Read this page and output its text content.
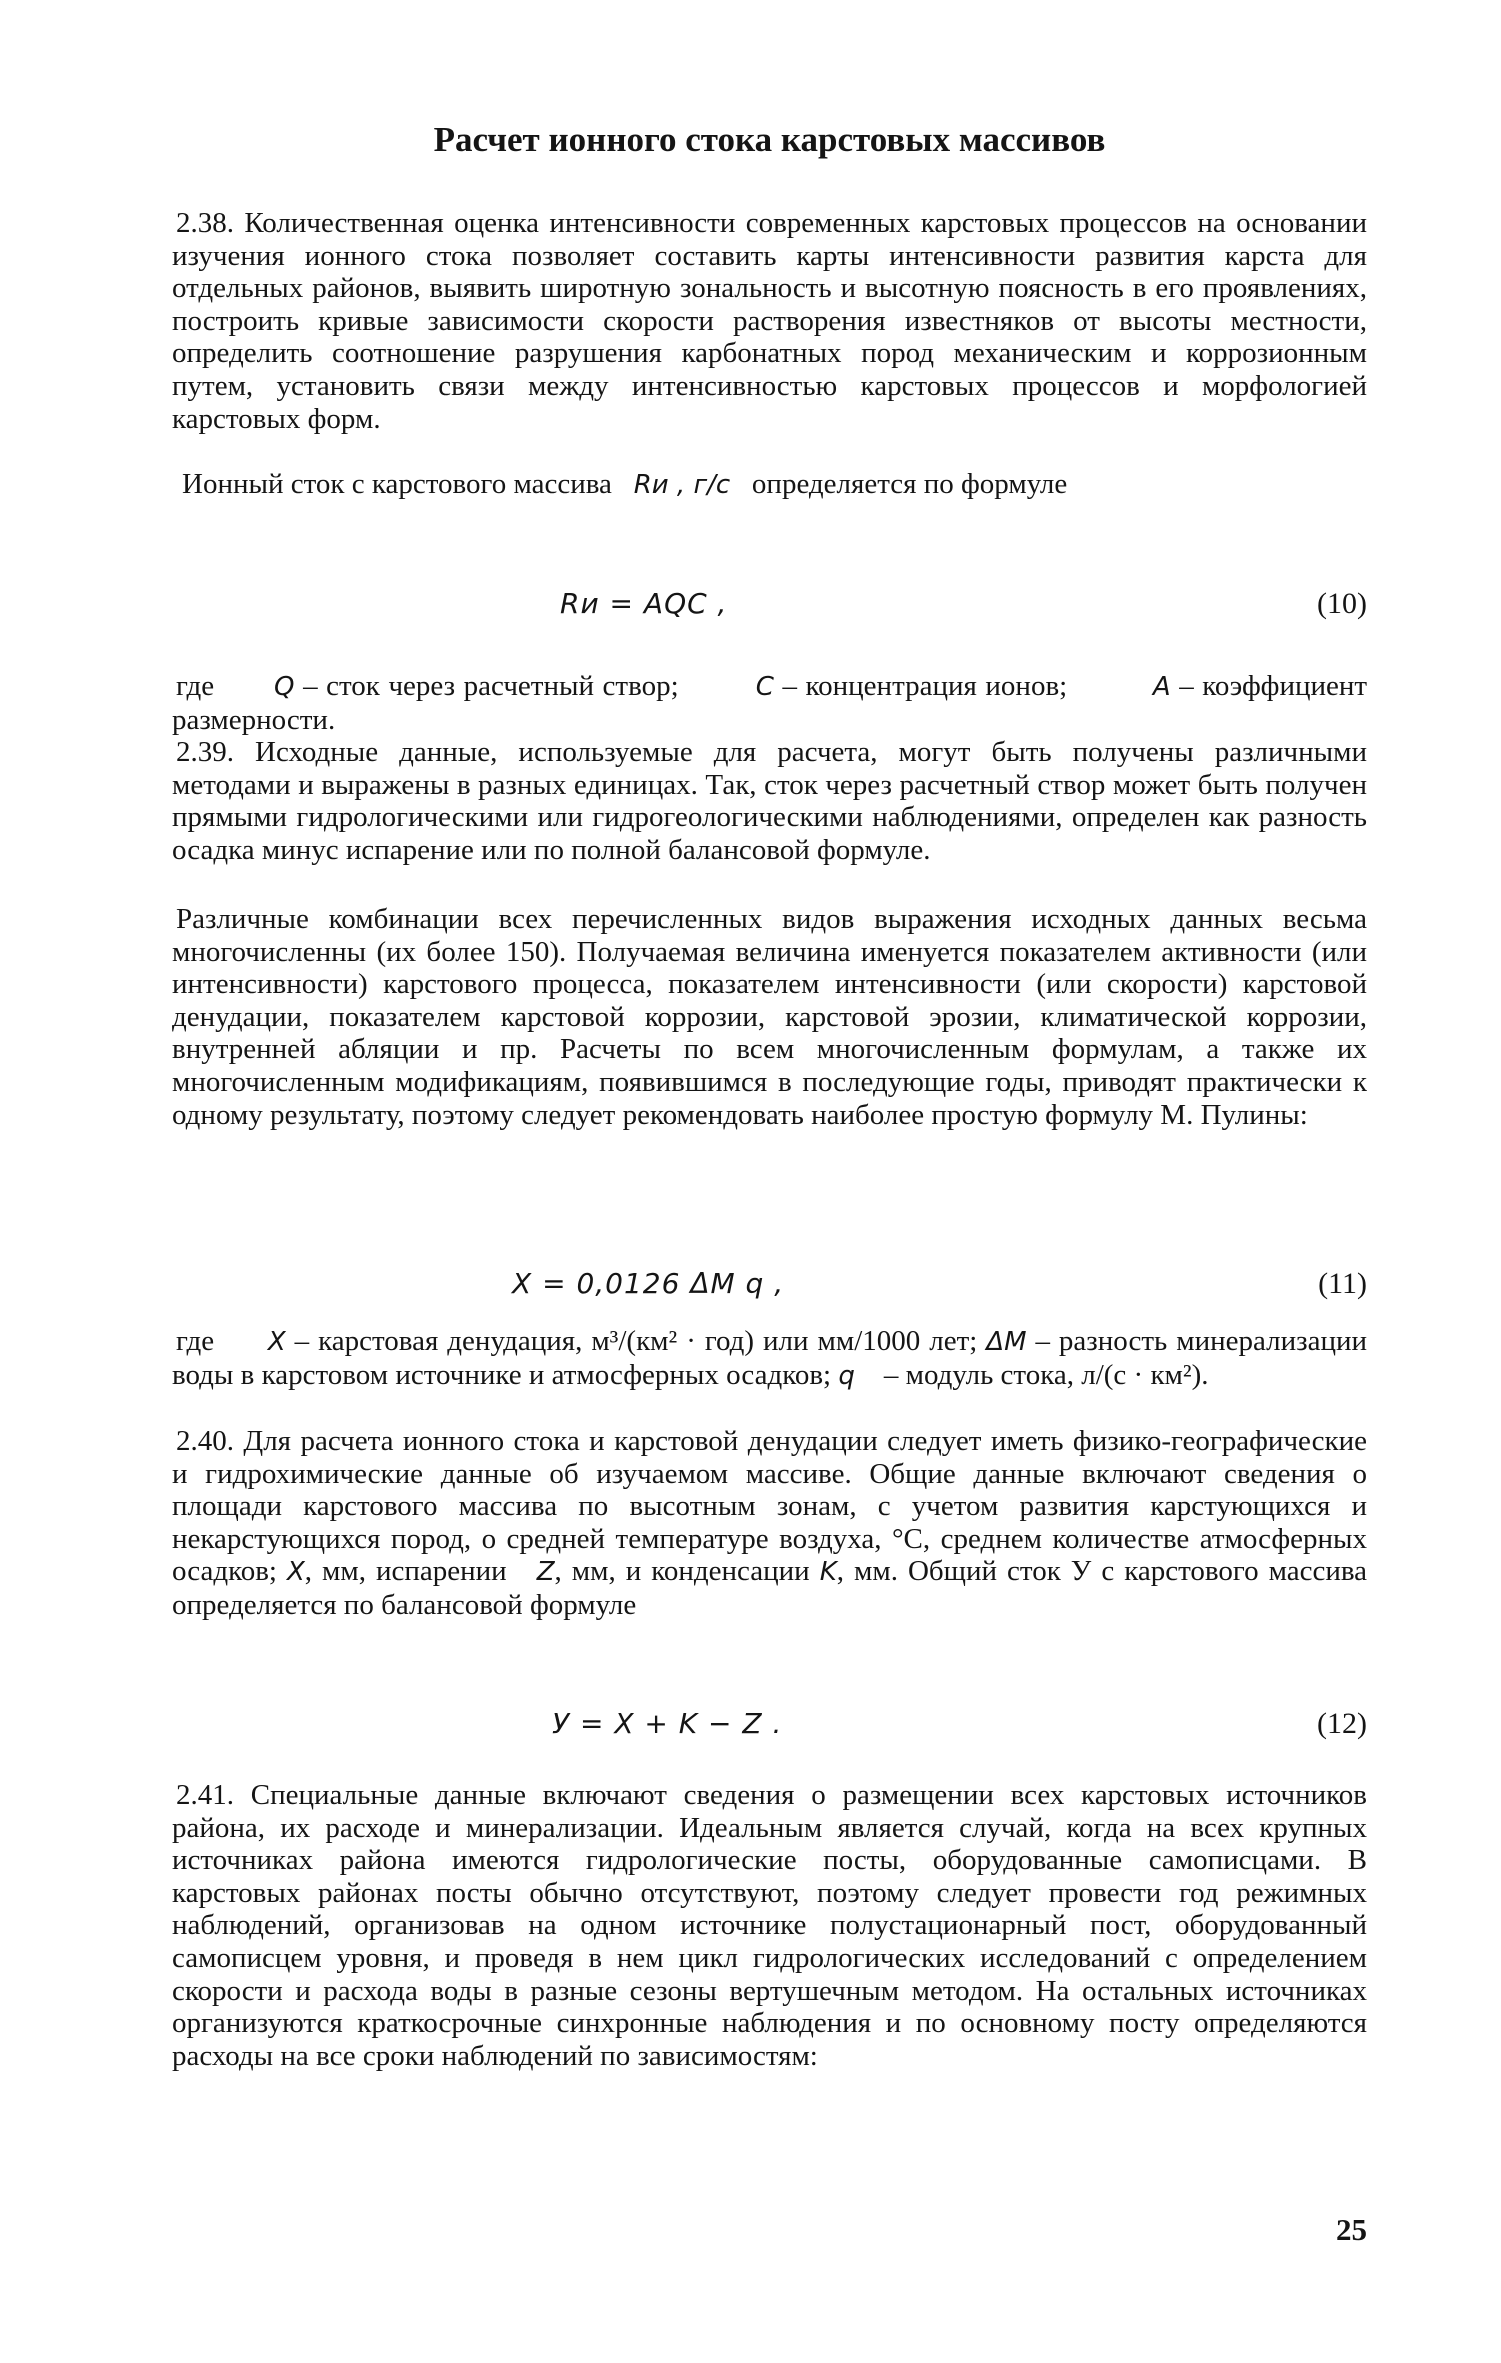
Расчет ионного стока карстовых массивов

2.38. Количественная оценка интенсивности современных карстовых процессов на основании изучения ионного стока позволяет составить карты интенсивности развития карста для отдельных районов, выявить широтную зональность и высотную поясность в его проявлениях, построить кривые зависимости скорости растворения известняков от высоты местности, определить соотношение разрушения карбонатных пород механическим и коррозионным путем, установить связи между интенсивностью карстовых процессов и морфологией карстовых форм.

Ионный сток с карстового массива Rи , г/с определяется по формуле

Rи = AQC ,	(10)

где Q – сток через расчетный створ;	C – концентрация ионов;	A – коэффициент размерности.

2.39. Исходные данные, используемые для расчета, могут быть получены различными методами и выражены в разных единицах. Так, сток через расчетный створ может быть получен прямыми гидрологическими или гидрогеологическими наблюдениями, определен как разность осадка минус испарение или по полной балансовой формуле.

Различные комбинации всех перечисленных видов выражения исходных данных весьма многочисленны (их более 150). Получаемая величина именуется показателем активности (или интенсивности) карстового процесса, показателем интенсивности (или скорости) карстовой денудации, показателем карстовой коррозии, карстовой эрозии, климатической коррозии, внутренней абляции и пр. Расчеты по всем многочисленным формулам, а также их многочисленным модификациям, появившимся в последующие годы, приводят практически к одному результату, поэтому следует рекомендовать наиболее простую формулу М. Пулины:

X = 0,0126 ΔM q ,	(11)

где X – карстовая денудация, м³/(км² · год) или мм/1000 лет; ΔM – разность минерализации воды в карстовом источнике и атмосферных осадков; q – модуль стока, л/(с · км²).

2.40. Для расчета ионного стока и карстовой денудации следует иметь физико-географические и гидрохимические данные об изучаемом массиве. Общие данные включают сведения о площади карстового массива по высотным зонам, с учетом развития карстующихся и некарстующихся пород, о средней температуре воздуха, °С, среднем количестве атмосферных осадков; X, мм, испарении Z, мм, и конденсации K, мм. Общий сток У с карстового массива определяется по балансовой формуле

У = X + K − Z .	(12)

2.41. Специальные данные включают сведения о размещении всех карстовых источников района, их расходе и минерализации. Идеальным является случай, когда на всех крупных источниках района имеются гидрологические посты, оборудованные самописцами. В карстовых районах посты обычно отсутствуют, поэтому следует провести год режимных наблюдений, организовав на одном источнике полустационарный пост, оборудованный самописцем уровня, и проведя в нем цикл гидрологических исследований с определением скорости и расхода воды в разные сезоны вертушечным методом. На остальных источниках организуются краткосрочные синхронные наблюдения и по основному посту определяются расходы на все сроки наблюдений по зависимостям:

25
